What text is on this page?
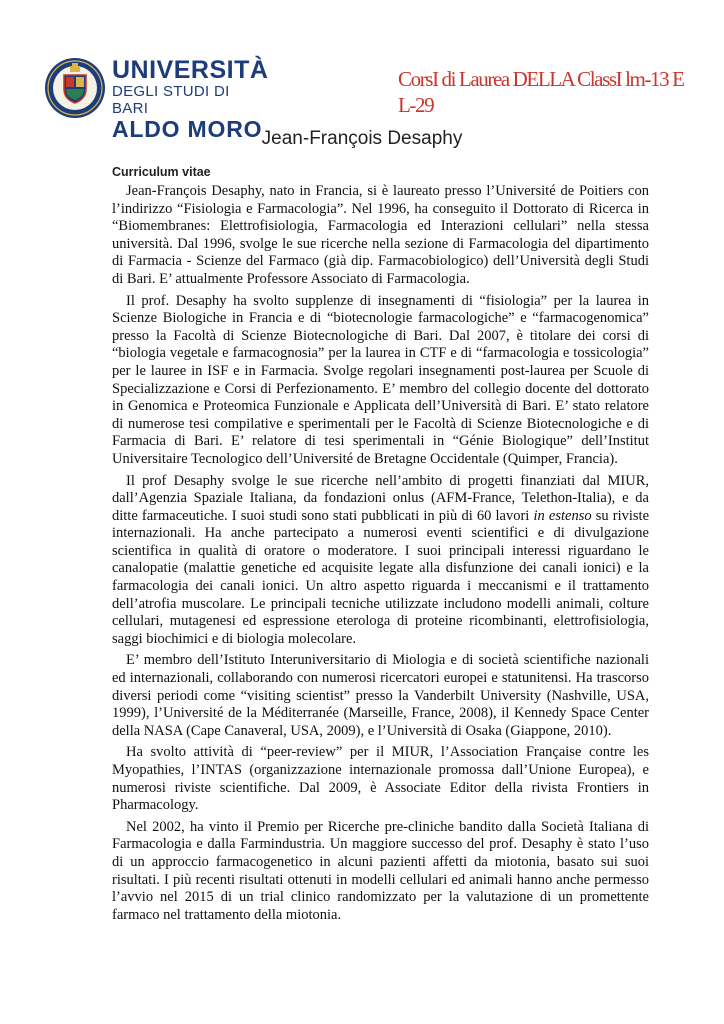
UNIVERSITÀ
DEGLI STUDI DI BARI
ALDO MORO
CorsI di Laurea DELLA ClassI lm-13 E L-29
Jean-François Desaphy
Curriculum vitae

Jean-François Desaphy, nato in Francia, si è laureato presso l’Université de Poitiers con l’indirizzo “Fisiologia e Farmacologia”. Nel 1996, ha conseguito il Dottorato di Ricerca in “Biomembranes: Elettrofisiologia, Farmacologia ed Interazioni cellulari” nella stessa università. Dal 1996, svolge le sue ricerche nella sezione di Farmacologia del dipartimento di Farmacia - Scienze del Farmaco (già dip. Farmacobiologico) dell’Università degli Studi di Bari. E’ attualmente Professore Associato di Farmacologia.

Il prof. Desaphy ha svolto supplenze di insegnamenti di “fisiologia” per la laurea in Scienze Biologiche in Francia e di “biotecnologie farmacologiche” e “farmacogenomica” presso la Facoltà di Scienze Biotecnologiche di Bari. Dal 2007, è titolare dei corsi di “biologia vegetale e farmacognosia” per la laurea in CTF e di “farmacologia e tossicologia” per le lauree in ISF e in Farmacia. Svolge regolari insegnamenti post-laurea per Scuole di Specializzazione e Corsi di Perfezionamento. E’ membro del collegio docente del dottorato in Genomica e Proteomica Funzionale e Applicata dell’Università di Bari. E’ stato relatore di numerose tesi compilative e sperimentali per le Facoltà di Scienze Biotecnologiche e di Farmacia di Bari. E’ relatore di tesi sperimentali in “Génie Biologique” dell’Institut Universitaire Tecnologico dell’Université de Bretagne Occidentale (Quimper, Francia).

Il prof Desaphy svolge le sue ricerche nell’ambito di progetti finanziati dal MIUR, dall’Agenzia Spaziale Italiana, da fondazioni onlus (AFM-France, Telethon-Italia), e da ditte farmaceutiche. I suoi studi sono stati pubblicati in più di 60 lavori in estenso su riviste internazionali. Ha anche partecipato a numerosi eventi scientifici e di divulgazione scientifica in qualità di oratore o moderatore. I suoi principali interessi riguardano le canalopatie (malattie genetiche ed acquisite legate alla disfunzione dei canali ionici) e la farmacologia dei canali ionici. Un altro aspetto riguarda i meccanismi e il trattamento dell’atrofia muscolare. Le principali tecniche utilizzate includono modelli animali, colture cellulari, mutagenesi ed espressione eterologa di proteine ricombinanti, elettrofisiologia, saggi biochimici e di biologia molecolare.

E’ membro dell’Istituto Interuniversitario di Miologia e di società scientifiche nazionali ed internazionali, collaborando con numerosi ricercatori europei e statunitensi. Ha trascorso diversi periodi come “visiting scientist” presso la Vanderbilt University (Nashville, USA, 1999), l’Université de la Méditerranée (Marseille, France, 2008), il Kennedy Space Center della NASA (Cape Canaveral, USA, 2009), e l’Università di Osaka (Giappone, 2010).

Ha svolto attività di “peer-review” per il MIUR, l’Association Française contre les Myopathies, l’INTAS (organizzazione internazionale promossa dall’Unione Europea), e numerosi riviste scientifiche. Dal 2009, è Associate Editor della rivista Frontiers in Pharmacology.

Nel 2002, ha vinto il Premio per Ricerche pre-cliniche bandito dalla Società Italiana di Farmacologia e dalla Farmindustria. Un maggiore successo del prof. Desaphy è stato l’uso di un approccio farmacogenetico in alcuni pazienti affetti da miotonia, basato sui suoi risultati. I più recenti risultati ottenuti in modelli cellulari ed animali hanno anche permesso l’avvio nel 2015 di un trial clinico randomizzato per la valutazione di un promettente farmaco nel trattamento della miotonia.
